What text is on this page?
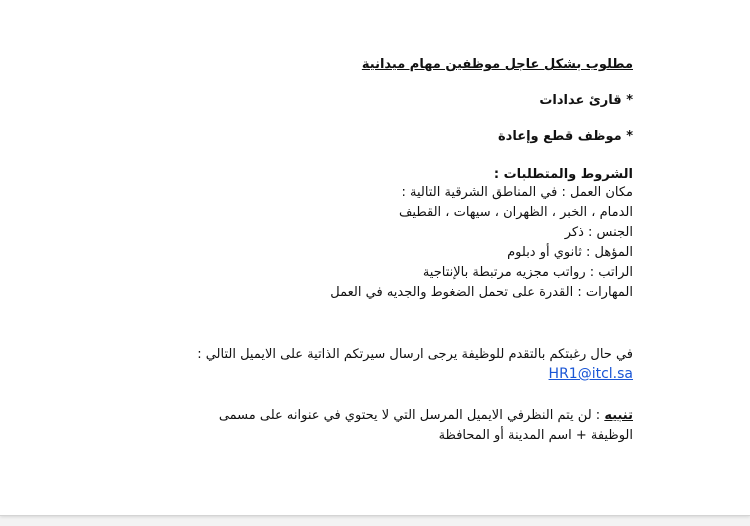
مطلوب بشكل عاجل موظفين مهام ميدانية
* قارئ عدادات
* موظف قطع وإعادة
الشروط والمتطلبات :
مكان العمل : في المناطق الشرقية التالية :
الدمام ، الخبر ، الظهران ، سيهات ، القطيف
الجنس : ذكر
المؤهل : ثانوي أو دبلوم
الراتب : رواتب مجزيه مرتبطة بالإنتاجية
المهارات : القدرة على تحمل الضغوط والجديه في العمل
في حال رغبتكم بالتقدم للوظيفة يرجى ارسال سيرتكم الذاتية على الايميل التالي :
HR1@itcl.sa
تنبيه : لن يتم النظرفي الايميل المرسل التي لا يحتوي في عنوانه على مسمى الوظيفة + اسم المدينة أو المحافظة
